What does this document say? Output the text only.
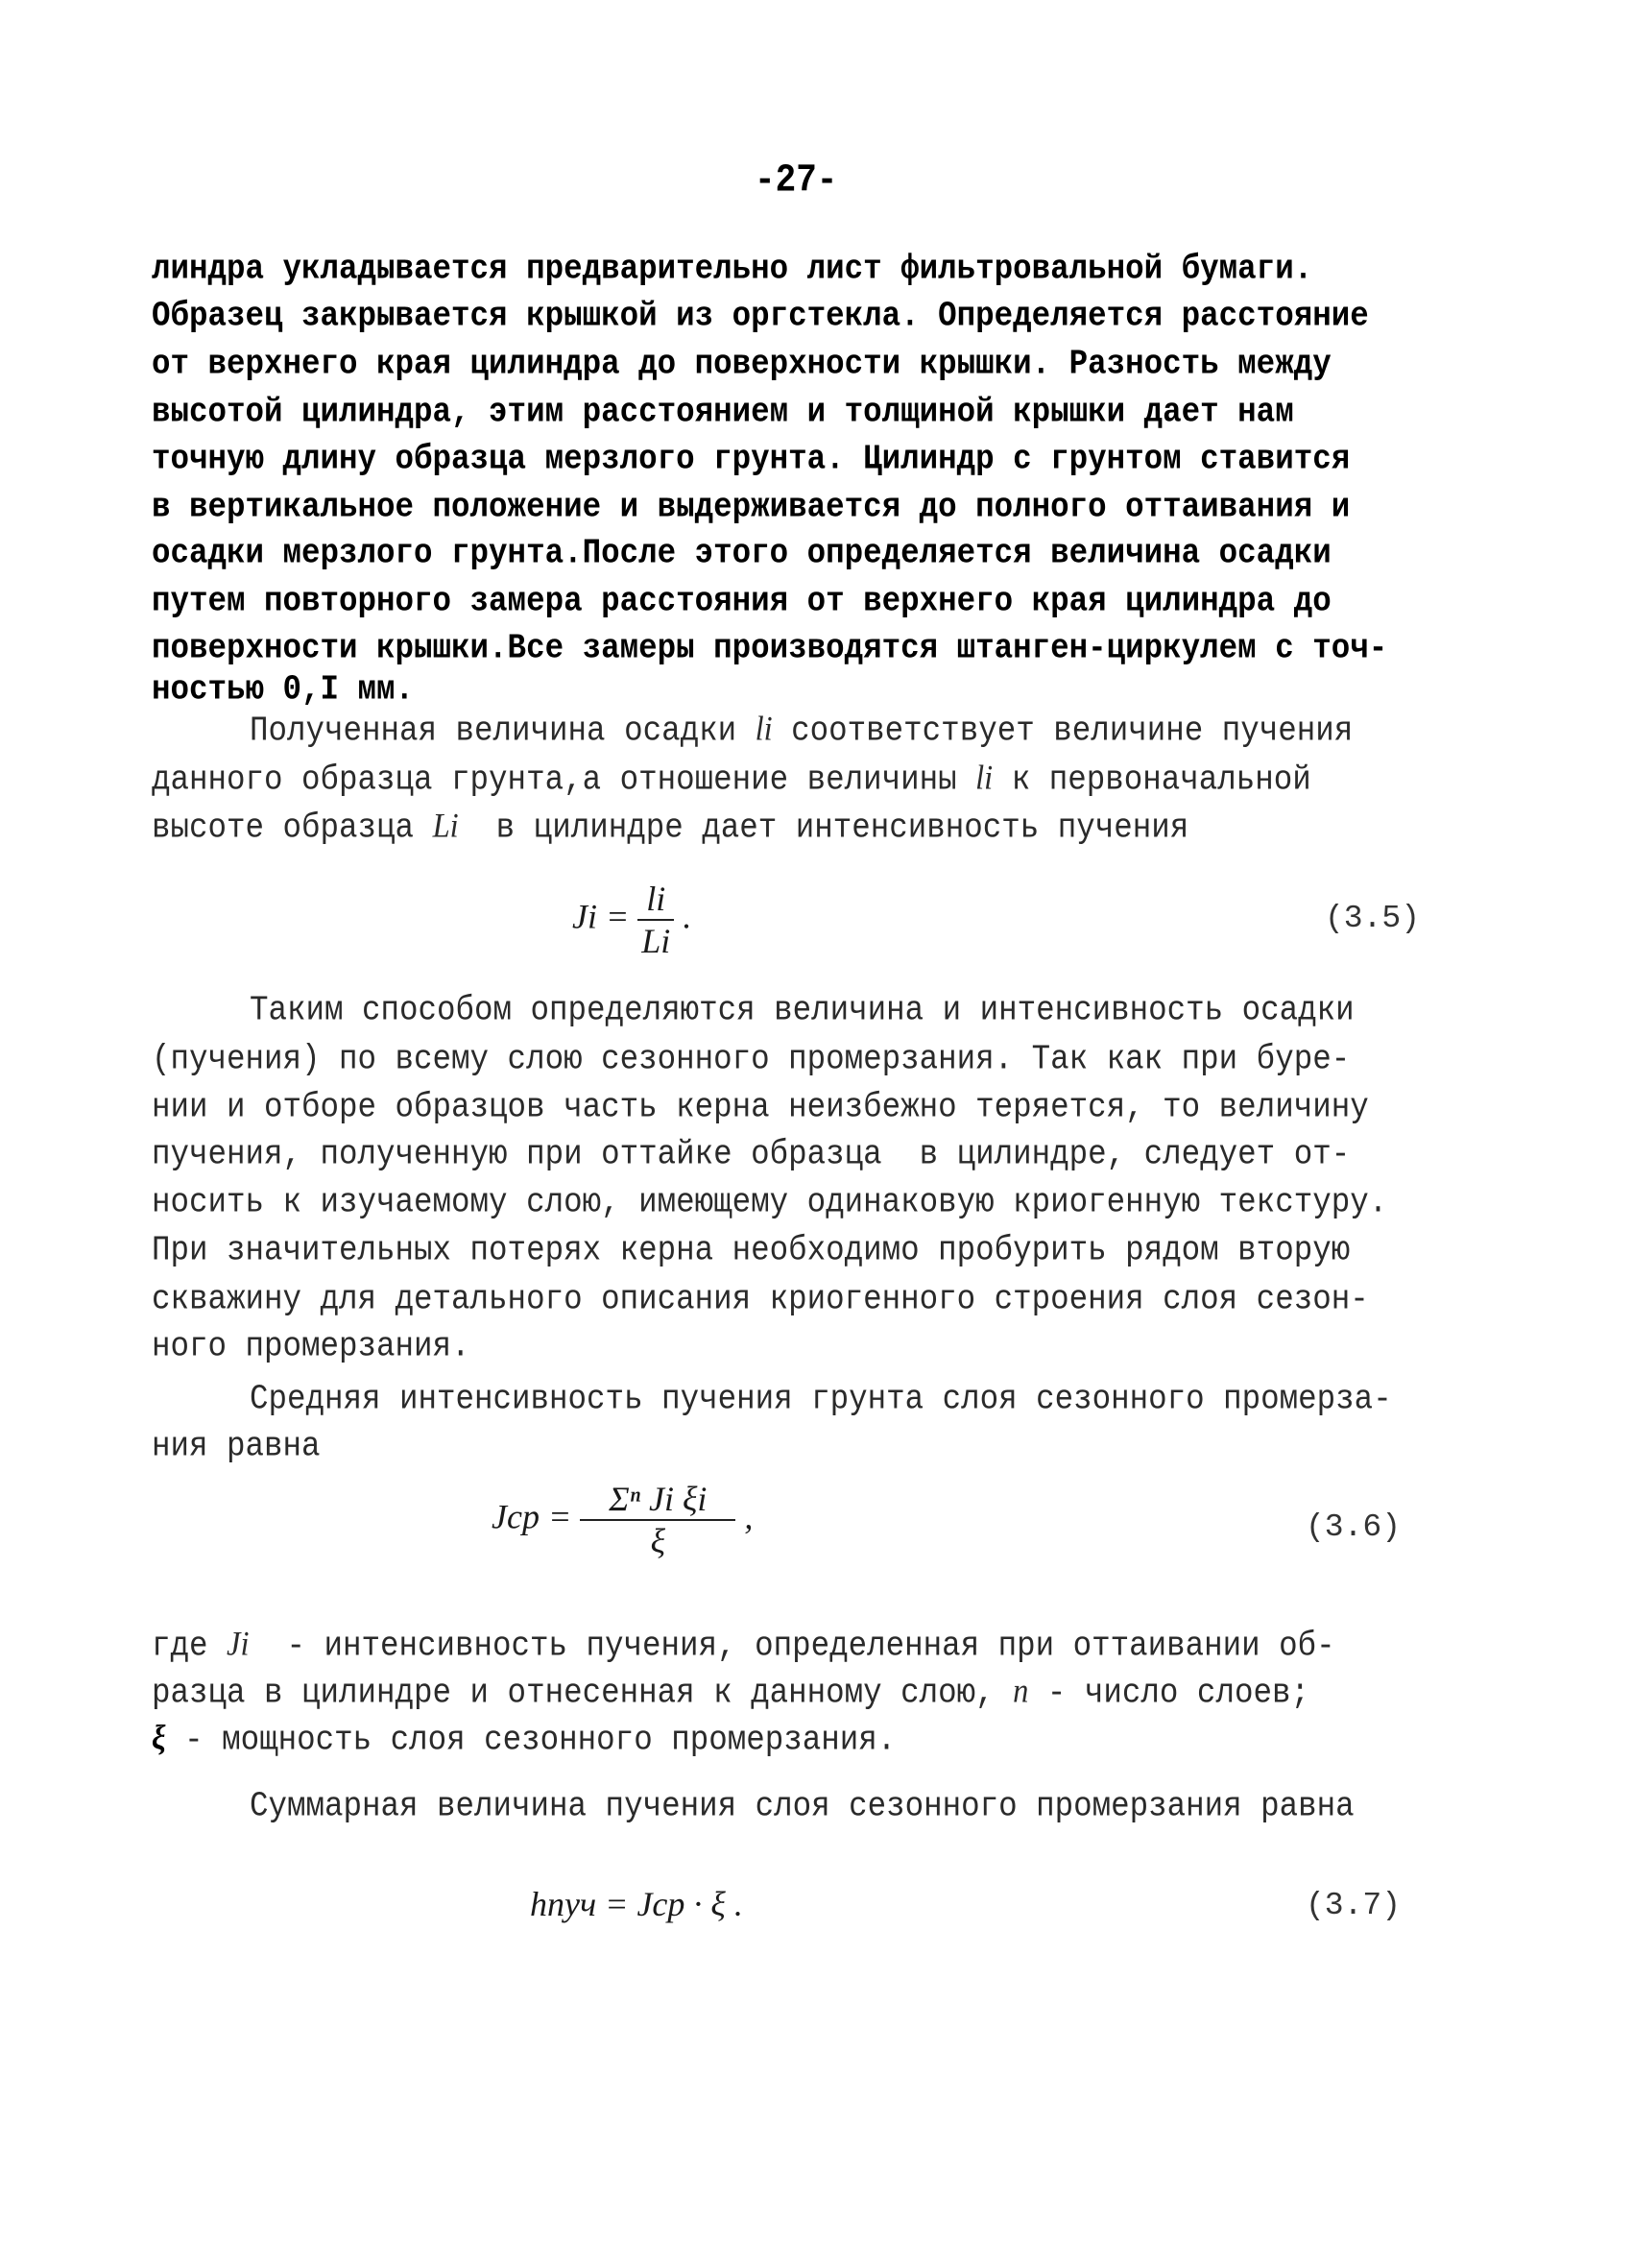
-27-
линдра укладывается предварительно лист фильтровальной бумаги.
Образец закрывается крышкой из оргстекла. Определяется расстояние
от верхнего края цилиндра до поверхности крышки. Разность между
высотой цилиндра, этим расстоянием и толщиной крышки дает нам
точную длину образца мерзлого грунта. Цилиндр с грунтом ставится
в вертикальное положение и выдерживается до полного оттаивания и
осадки мерзлого грунта.После этого определяется величина осадки
путем повторного замера расстояния от верхнего края цилиндра до
поверхности крышки.Все замеры производятся штанген-циркулем с точ-
ностью 0,I мм.
Полученная величина осадки li соответствует величине пучения
данного образца грунта,а отношение величины li к первоначальной
высоте образца Li  в цилиндре дает интенсивность пучения
$Ji = \frac{li}{Li}$ .	(3.5)
Таким способом определяются величина и интенсивность осадки
(пучения) по всему слою сезонного промерзания. Так как при буре-
нии и отборе образцов часть керна неизбежно теряется, то величину
пучения, полученную при оттайке образца  в цилиндре, следует от-
носить к изучаемому слою, имеющему одинаковую криогенную текстуру.
При значительных потерях керна необходимо пробурить рядом вторую
скважину для детального описания криогенного строения слоя сезон-
ного промерзания.
Средняя интенсивность пучения грунта слоя сезонного промерза-
ния равна
Jср = $\frac{\text{Σⁿ Ji ξi}}{\xi}$ ,	(3.6)
где Ji  - интенсивность пучения, определенная при оттаивании об-
разца в цилиндре и отнесенная к данному слою, n - число слоев;
ξ - мощность слоя сезонного промерзания.
Суммарная величина пучения слоя сезонного промерзания равна
hпуч = Jср · ξ .	(3.7)
